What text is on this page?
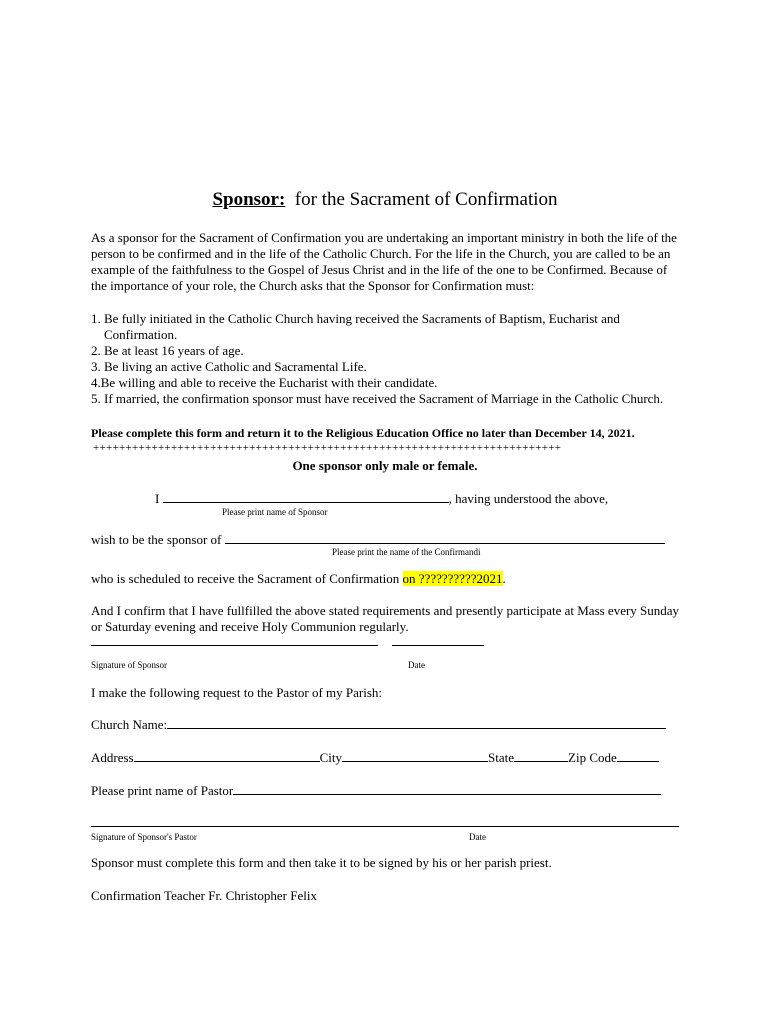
Sponsor: for the Sacrament of Confirmation
As a sponsor for the Sacrament of Confirmation you are undertaking an important ministry in both the life of the person to be confirmed and in the life of the Catholic Church. For the life in the Church, you are called to be an example of the faithfulness to the Gospel of Jesus Christ and in the life of the one to be Confirmed. Because of the importance of your role, the Church asks that the Sponsor for Confirmation must:
1.
Be fully initiated in the Catholic Church having received the Sacraments of Baptism, Eucharist and Confirmation.
2.
Be at least 16 years of age.
3.
Be living an active Catholic and Sacramental Life.
4. Be willing and able to receive the Eucharist with their candidate.
5.
If married, the confirmation sponsor must have received the Sacrament of Marriage in the Catholic Church.
Please complete this form and return it to the Religious Education Office no later than December 14, 2021.
++++++++++++++++++++++++++++++++++++++++++++++++++++++++++++++++++++++++
One sponsor only male or female.
I	, having understood the above,
Please print name of Sponsor
wish to be the sponsor of
Please print the name of the Confirmandi
who is scheduled to receive the Sacrament of Confirmation on ??????????2021.
And I confirm that I have fullfilled the above stated requirements and presently participate at Mass every Sunday or Saturday evening and receive Holy Communion regularly.
Signature of Sponsor	Date
I make the following request to the Pastor of my Parish:
Church Name:
Address	City	State	Zip Code
Please print name of Pastor
Signature of Sponsor's Pastor	Date
Sponsor must complete this form and then take it to be signed by his or her parish priest.
Confirmation Teacher Fr. Christopher Felix
